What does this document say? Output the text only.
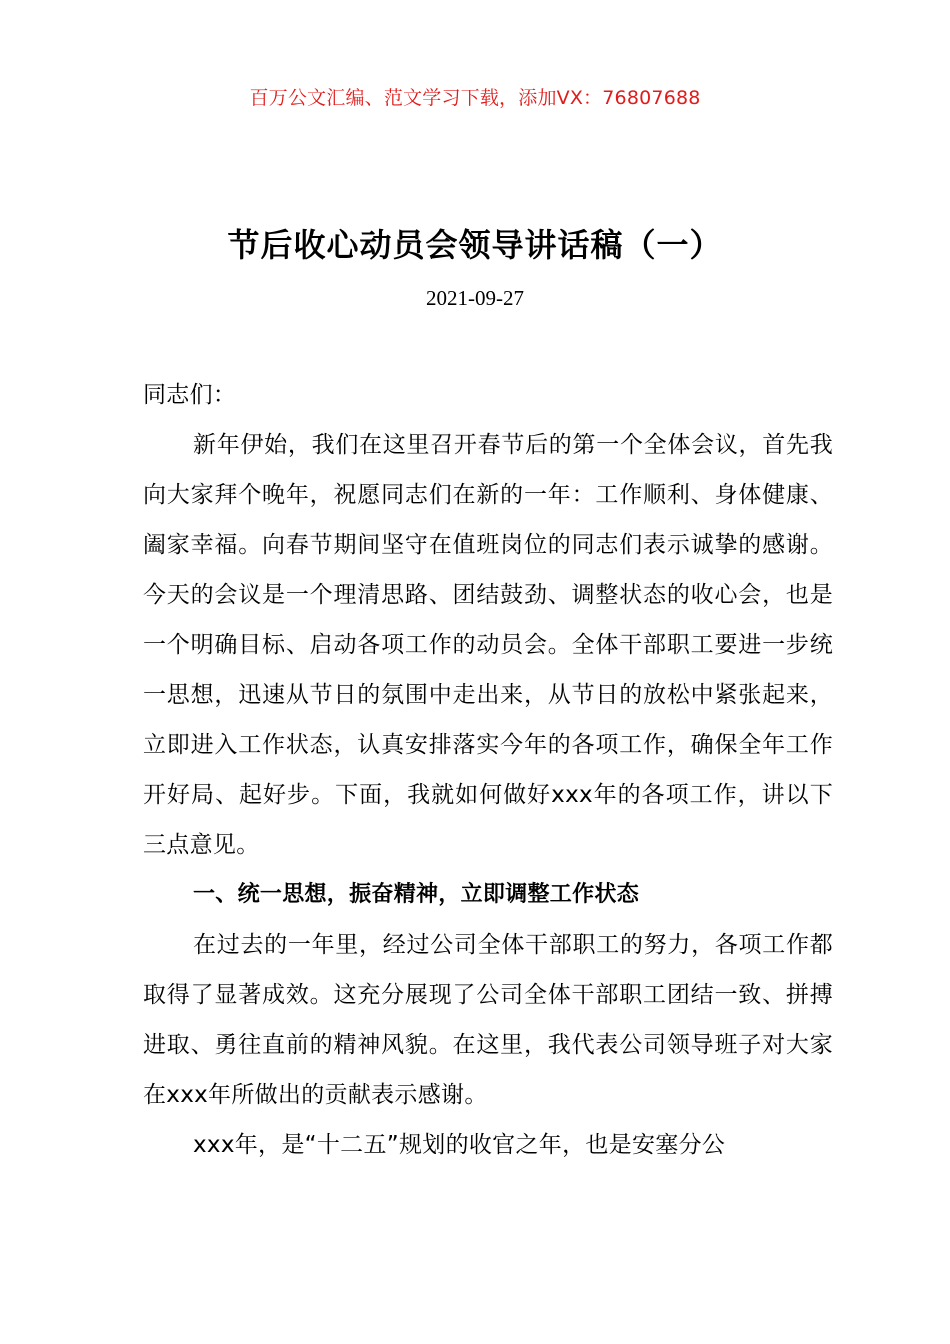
百万公文汇编、范文学习下载，添加VX：76807688
节后收心动员会领导讲话稿（一）
2021-09-27

同志们：

新年伊始，我们在这里召开春节后的第一个全体会议，首先我向大家拜个晚年，祝愿同志们在新的一年：工作顺利、身体健康、阖家幸福。向春节期间坚守在值班岗位的同志们表示诚挚的感谢。今天的会议是一个理清思路、团结鼓劲、调整状态的收心会，也是一个明确目标、启动各项工作的动员会。全体干部职工要进一步统一思想，迅速从节日的氛围中走出来，从节日的放松中紧张起来，立即进入工作状态，认真安排落实今年的各项工作，确保全年工作开好局、起好步。下面，我就如何做好xxx年的各项工作，讲以下三点意见。

一、统一思想，振奋精神，立即调整工作状态

在过去的一年里，经过公司全体干部职工的努力，各项工作都取得了显著成效。这充分展现了公司全体干部职工团结一致、拼搏进取、勇往直前的精神风貌。在这里，我代表公司领导班子对大家在xxx年所做出的贡献表示感谢。

xxx年，是“十二五”规划的收官之年，也是安塞分公
